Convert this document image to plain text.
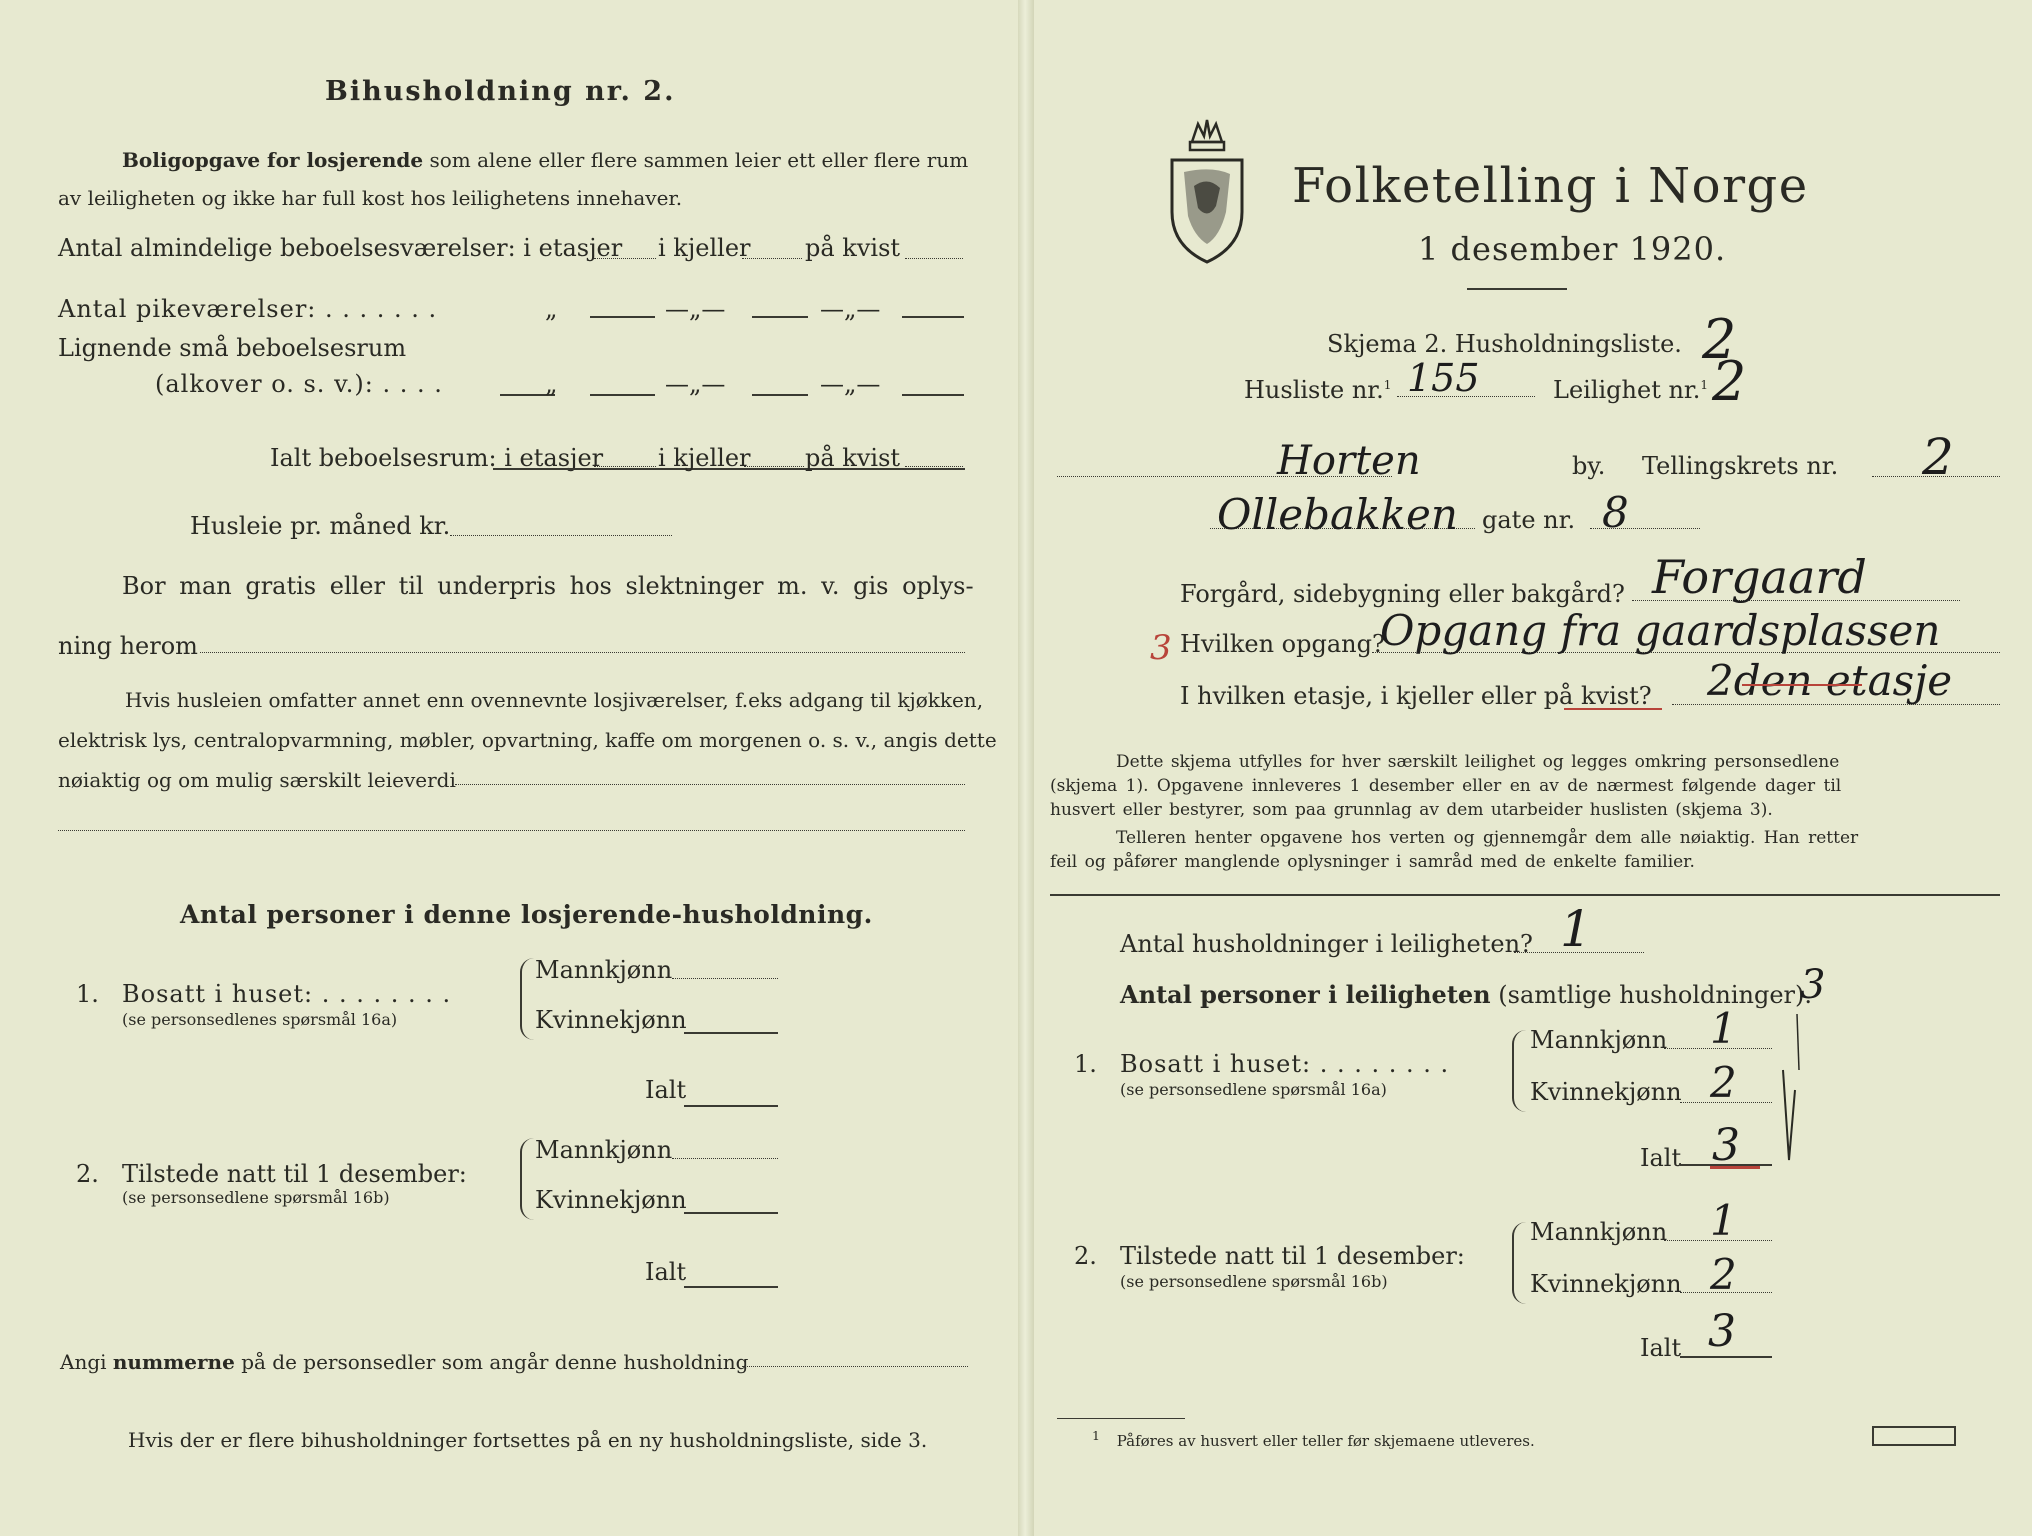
Bihusholdning nr. 2.
Boligopgave for losjerende som alene eller flere sammen leier ett eller flere rum
av leiligheten og ikke har full kost hos leilighetens innehaver.
Antal almindelige beboelsesværelser: i etasjer i kjeller på kvist
Antal pikeværelser: . . . . . . .	„	—„—	—„—
Lignende små beboelsesrum
(alkover o. s. v.): . . . .	„	—„—	—„—
Ialt beboelsesrum: i etasjer i kjeller på kvist
Husleie pr. måned kr.
Bor man gratis eller til underpris hos slektninger m. v. gis oplys-
ning herom
Hvis husleien omfatter annet enn ovennevnte losjiværelser, f.eks adgang til kjøkken,
elektrisk lys, centralopvarmning, møbler, opvartning, kaffe om morgenen o. s. v., angis dette
nøiaktig og om mulig særskilt leieverdi
Antal personer i denne losjerende-husholdning.
1. Bosatt i huset: . . . . . . . .
(se personsedlenes spørsmål 16a)
Mannkjønn
Kvinnekjønn
Ialt
2. Tilstede natt til 1 desember:
(se personsedlene spørsmål 16b)
Mannkjønn
Kvinnekjønn
Ialt
Angi nummerne på de personsedler som angår denne husholdning
Hvis der er flere bihusholdninger fortsettes på en ny husholdningsliste, side 3.
Folketelling i Norge
1 desember 1920.
Skjema 2. Husholdningsliste. 2
Husliste nr.$^1$ 155	Leilighet nr.$^1$ 2
Horten	by. Tellingskrets nr. 2
Ollebakken gate nr. 8
Forgård, sidebygning eller bakgård? Forgaard
3 Hvilken opgang?
Opgang fra gaardsplassen
I hvilken etasje, i kjeller eller på kvist? 2den etasje
Dette skjema utfylles for hver særskilt leilighet og legges omkring personsedlene
(skjema 1). Opgavene innleveres 1 desember eller en av de nærmest følgende dager til
husvert eller bestyrer, som paa grunnlag av dem utarbeider huslisten (skjema 3).
Telleren henter opgavene hos verten og gjennemgår dem alle nøiaktig. Han retter
feil og påfører manglende oplysninger i samråd med de enkelte familier.
Antal husholdninger i leiligheten? 1
Antal personer i leiligheten (samtlige husholdninger).
3
1. Bosatt i huset: . . . . . . . .
(se personsedlene spørsmål 16a)
Mannkjønn 1
Kvinnekjønn 2
Ialt 3
2. Tilstede natt til 1 desember:
(se personsedlene spørsmål 16b)
Mannkjønn 1
Kvinnekjønn 2
Ialt 3
$^1$ Påføres av husvert eller teller før skjemaene utleveres.
